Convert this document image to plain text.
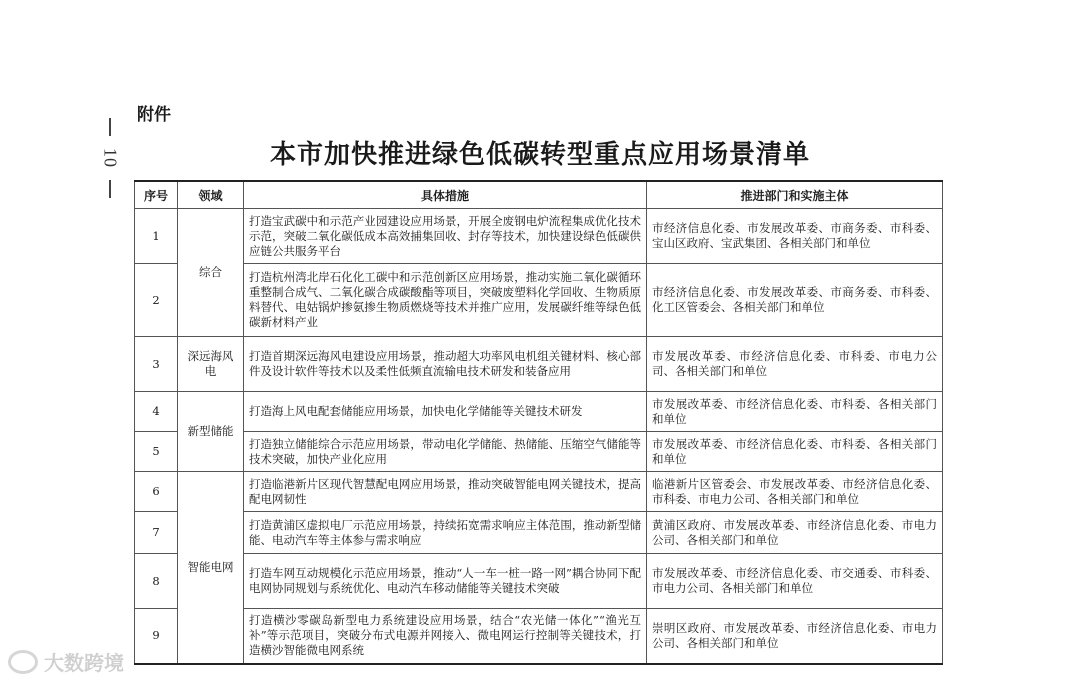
10
附件
本市加快推进绿色低碳转型重点应用场景清单
序号	领域	具体措施	推进部门和实施主体
1	综合	打造宝武碳中和示范产业园建设应用场景，开展全废钢电炉流程集成优化技术示范，突破二氧化碳低成本高效捕集回收、封存等技术，加快建设绿色低碳供应链公共服务平台	市经济信息化委、市发展改革委、市商务委、市科委、宝山区政府、宝武集团、各相关部门和单位
2		打造杭州湾北岸石化化工碳中和示范创新区应用场景，推动实施二氧化碳循环重整制合成气、二氧化碳合成碳酸酯等项目，突破废塑料化学回收、生物质原料替代、电姑锅炉掺氨掺生物质燃烧等技术并推广应用，发展碳纤维等绿色低碳新材料产业	市经济信息化委、市发展改革委、市商务委、市科委、化工区管委会、各相关部门和单位
3	深远海风电	打造首期深远海风电建设应用场景，推动超大功率风电机组关键材料、核心部件及设计软件等技术以及柔性低频直流输电技术研发和装备应用	市发展改革委、市经济信息化委、市科委、市电力公司、各相关部门和单位
4	新型储能	打造海上风电配套储能应用场景，加快电化学储能等关键技术研发	市发展改革委、市经济信息化委、市科委、各相关部门和单位
5		打造独立储能综合示范应用场景，带动电化学储能、热储能、压缩空气储能等技术突破，加快产业化应用	市发展改革委、市经济信息化委、市科委、各相关部门和单位
6	智能电网	打造临港新片区现代智慧配电网应用场景，推动突破智能电网关键技术，提高配电网韧性	临港新片区管委会、市发展改革委、市经济信息化委、市科委、市电力公司、各相关部门和单位
7		打造黄浦区虚拟电厂示范应用场景，持续拓宽需求响应主体范围，推动新型储能、电动汽车等主体参与需求响应	黄浦区政府、市发展改革委、市经济信息化委、市电力公司、各相关部门和单位
8		打造车网互动规模化示范应用场景，推动“人一车一桩一路一网”耦合协同下配电网协同规划与系统优化、电动汽车移动储能等关键技术突破	市发展改革委、市经济信息化委、市交通委、市科委、市电力公司、各相关部门和单位
9		打造横沙零碳岛新型电力系统建设应用场景，结合“农光储一体化”“渔光互补”等示范项目，突破分布式电源并网接入、微电网运行控制等关键技术，打造横沙智能微电网系统	崇明区政府、市发展改革委、市经济信息化委、市电力公司、各相关部门和单位
大数跨境
